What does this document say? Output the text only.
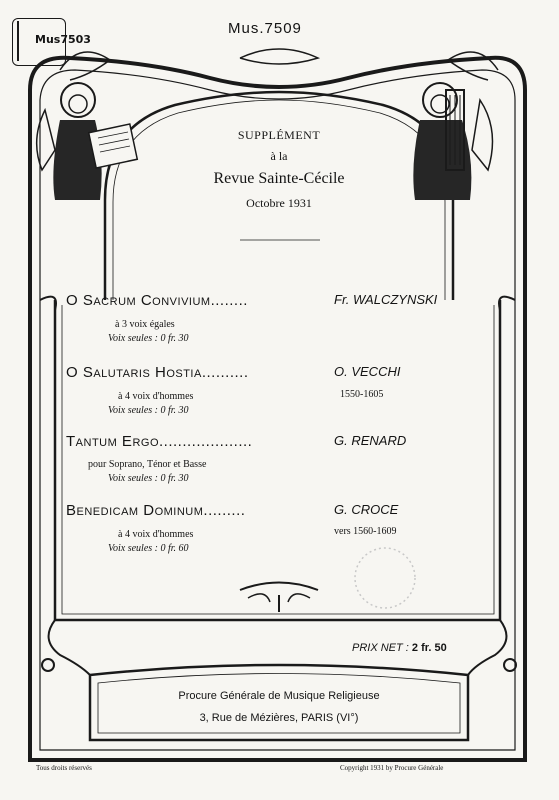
Mus7503
Mus.7509
SUPPLÉMENT
à la
Revue Sainte-Cécile
Octobre 1931
O Sacrum Convivium........	Fr. WALCZYNSKI
à 3 voix égales
Voix seules : 0 fr. 30
O Salutaris Hostia..........	O. VECCHI
1550-1605
à 4 voix d'hommes
Voix seules : 0 fr. 30
Tantum Ergo....................	G. RENARD
pour Soprano, Ténor et Basse
Voix seules : 0 fr. 30
Benedicam Dominum.........	G. CROCE
vers 1560-1609
à 4 voix d'hommes
Voix seules : 0 fr. 60
PRIX NET : 2 fr. 50
Procure Générale de Musique Religieuse
3, Rue de Mézières, PARIS (VI°)
Tous droits réservés	Copyright 1931 by Procure Générale
